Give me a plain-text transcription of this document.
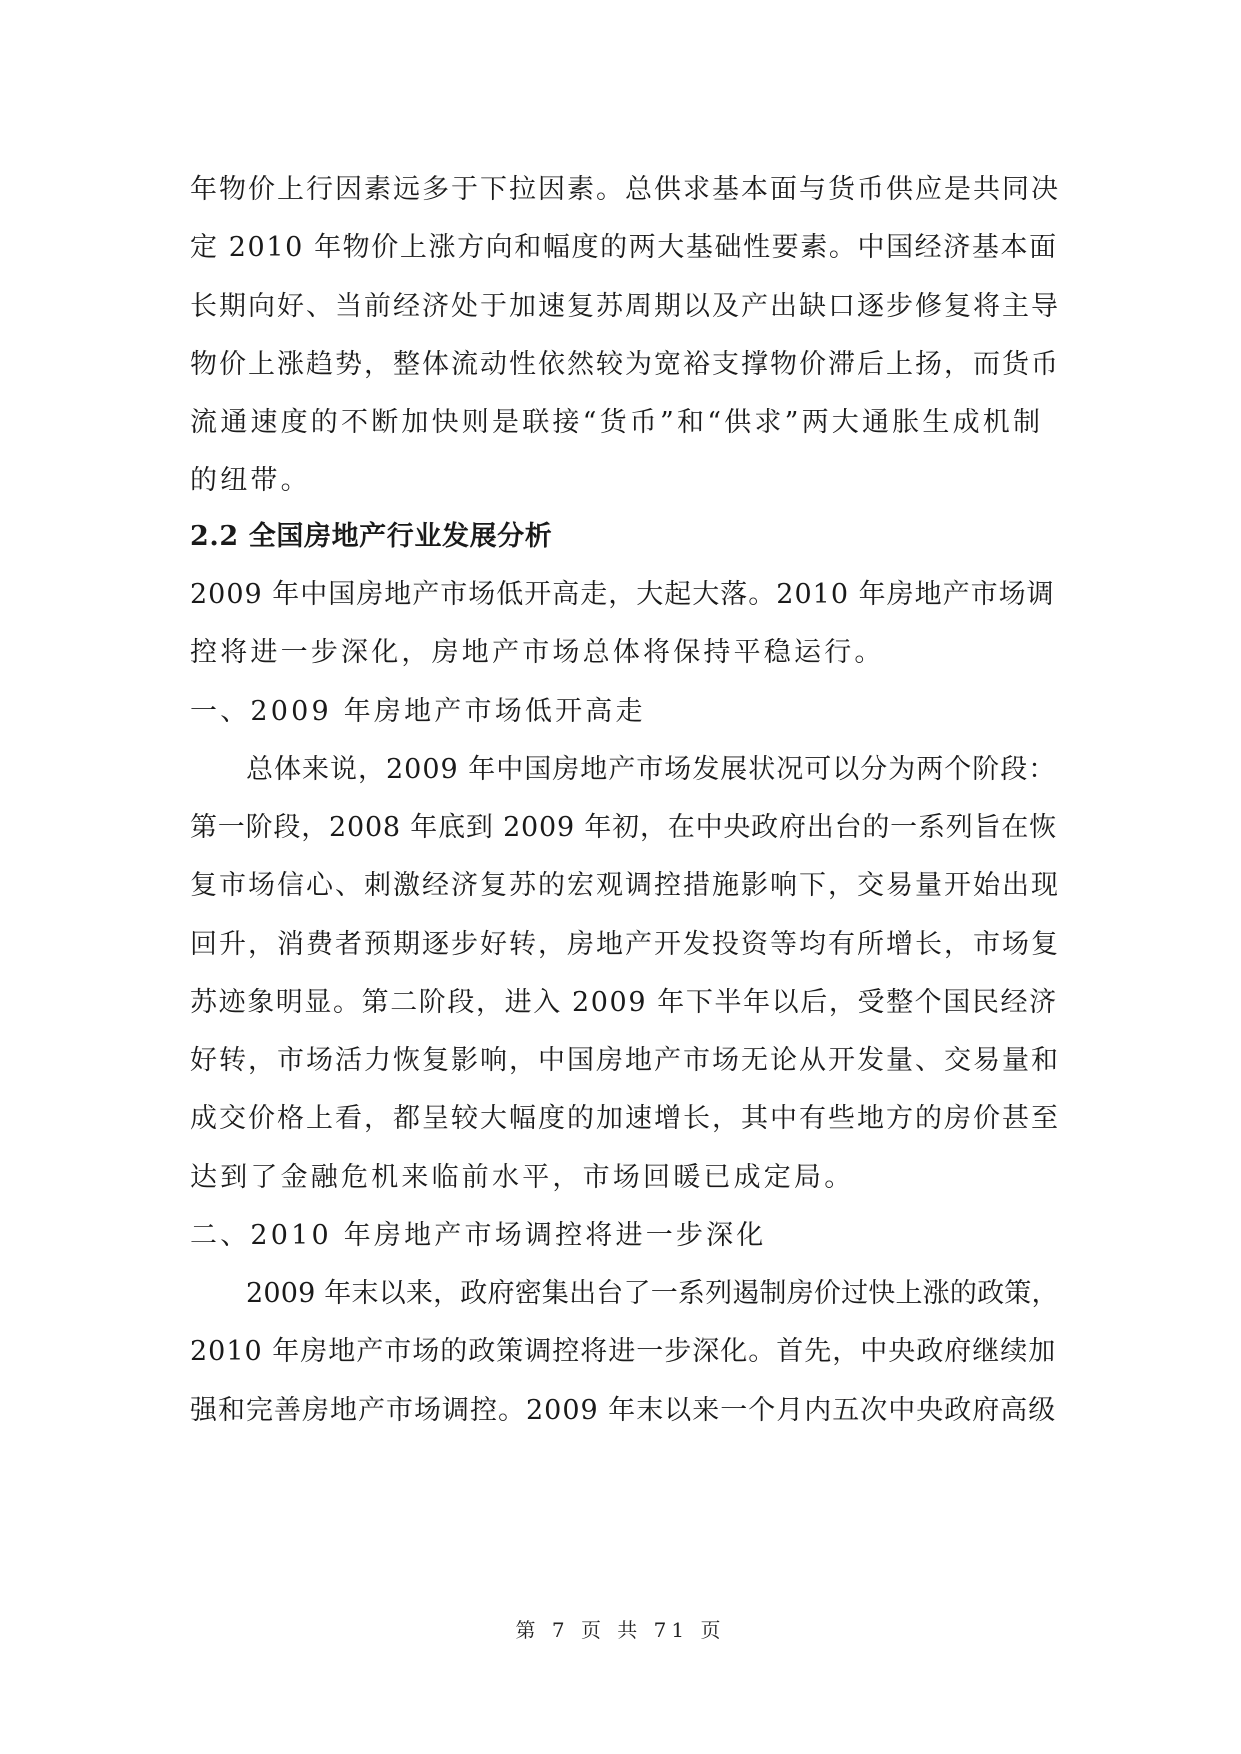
年物价上行因素远多于下拉因素。总供求基本面与货币供应是共同决
定 2010 年物价上涨方向和幅度的两大基础性要素。中国经济基本面
长期向好、当前经济处于加速复苏周期以及产出缺口逐步修复将主导
物价上涨趋势，整体流动性依然较为宽裕支撑物价滞后上扬，而货币
流通速度的不断加快则是联接“货币”和“供求”两大通胀生成机制
的纽带。
2.2 全国房地产行业发展分析
2009 年中国房地产市场低开高走，大起大落。2010 年房地产市场调
控将进一步深化，房地产市场总体将保持平稳运行。
一、2009 年房地产市场低开高走
总体来说，2009 年中国房地产市场发展状况可以分为两个阶段：
第一阶段，2008 年底到 2009 年初，在中央政府出台的一系列旨在恢
复市场信心、刺激经济复苏的宏观调控措施影响下，交易量开始出现
回升，消费者预期逐步好转，房地产开发投资等均有所增长，市场复
苏迹象明显。第二阶段，进入 2009 年下半年以后，受整个国民经济
好转，市场活力恢复影响，中国房地产市场无论从开发量、交易量和
成交价格上看，都呈较大幅度的加速增长，其中有些地方的房价甚至
达到了金融危机来临前水平，市场回暖已成定局。
二、2010 年房地产市场调控将进一步深化
2009 年末以来，政府密集出台了一系列遏制房价过快上涨的政策，
2010 年房地产市场的政策调控将进一步深化。首先，中央政府继续加
强和完善房地产市场调控。2009 年末以来一个月内五次中央政府高级
第 7 页 共 71 页
